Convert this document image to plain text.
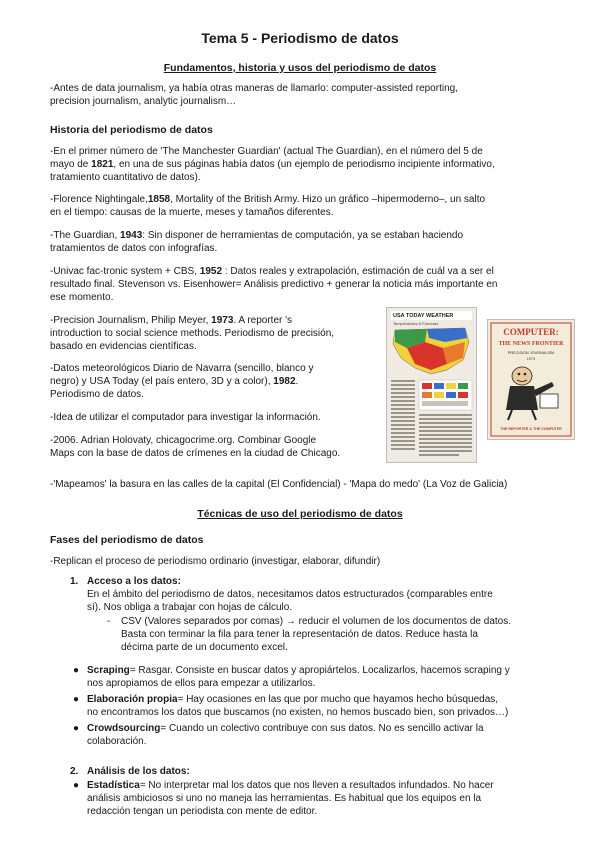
Tema 5 - Periodismo de datos
Fundamentos, historia y usos del periodismo de datos
-Antes de data journalism, ya había otras maneras de llamarlo: computer-assisted reporting,
precision journalism, analytic journalism…
Historia del periodismo de datos
-En el primer número de 'The Manchester Guardian' (actual The Guardian), en el número del 5 de
mayo de 1821, en una de sus páginas había datos (un ejemplo de periodismo incipiente informativo,
tratamiento cuantitativo de datos).
-Florence Nightingale,1858, Mortality of the British Army. Hizo un gráfico –hipermoderno–, un salto
en el tiempo: causas de la muerte, meses y tamaños diferentes.
-The Guardian, 1943: Sin disponer de herramientas de computación, ya se estaban haciendo
tratamientos de datos con infografías.
-Univac fac-tronic system + CBS, 1952 : Datos reales y extrapolación, estimación de cuál va a ser el
resultado final. Stevenson vs. Eisenhower= Análisis predictivo + generar la noticia más importante en
ese momento.
-Precision Journalism, Philip Meyer, 1973. A reporter 's
introduction to social science methods. Periodismo de precisión,
basado en evidencias científicas.
-Datos meteorológicos Diario de Navarra (sencillo, blanco y
negro) y USA Today (el país entero, 3D y a color), 1982.
Periodismo de datos.
-Idea de utilizar el computador para investigar la información.
-2006. Adrian Holovaty, chicagocrime.org. Combinar Google
Maps con la base de datos de crímenes en la ciudad de Chicago.
-'Mapeamos' la basura en las calles de la capital (El Confidencial) - 'Mapa do medo' (La Voz de Galicia)
USA TODAY WEATHER
Temperatures & Forecast
COMPUTER:
THE NEWS FRONTIER
PRECISION JOURNALISM
1973
THE REPORTER & THE COMPUTER
Técnicas de uso del periodismo de datos
Fases del periodismo de datos
-Replican el proceso de periodismo ordinario (investigar, elaborar, difundir)
1. Acceso a los datos:
En el ámbito del periodismo de datos, necesitamos datos estructurados (comparables entre
sí). Nos obliga a trabajar con hojas de cálculo.
- CSV (Valores separados por comas) → reducir el volumen de los documentos de datos.
Basta con terminar la fila para tener la representación de datos. Reduce hasta la
décima parte de un documento excel.
● Scraping= Rasgar. Consiste en buscar datos y apropiártelos. Localizarlos, hacemos scraping y
nos apropiamos de ellos para empezar a utilizarlos.
● Elaboración propia= Hay ocasiones en las que por mucho que hayamos hecho búsquedas,
no encontramos los datos que buscamos (no existen, no hemos buscado bien, son privados…)
● Crowdsourcing= Cuando un colectivo contribuye con sus datos. No es sencillo activar la
colaboración.
2. Análisis de los datos:
● Estadística= No interpretar mal los datos que nos lleven a resultados infundados. No hacer
análisis ambiciosos si uno no maneja las herramientas. Es habitual que los equipos en la
redacción tengan un periodista con mente de editor.
